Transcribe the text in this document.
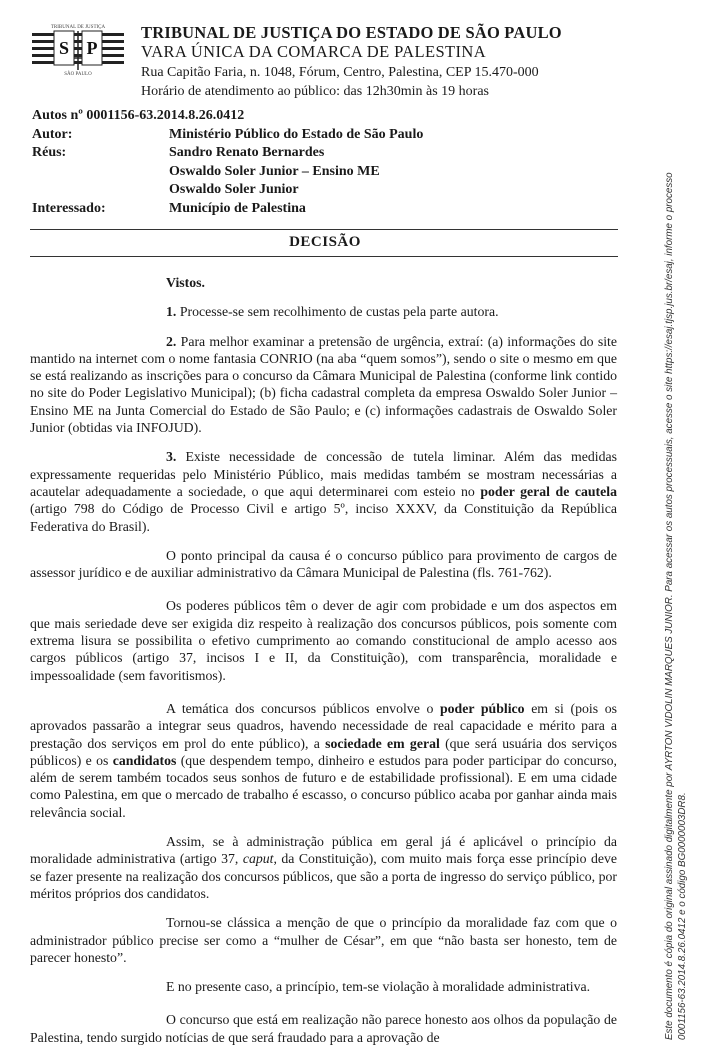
TRIBUNAL DE JUSTIÇA
S P
SÃO PAULO
TRIBUNAL DE JUSTIÇA DO ESTADO DE SÃO PAULO
VARA ÚNICA DA COMARCA DE PALESTINA
Rua Capitão Faria, n. 1048, Fórum, Centro, Palestina, CEP 15.470-000
Horário de atendimento ao público: das 12h30min às 19 horas
Autos nº 0001156-63.2014.8.26.0412
Autor:	Ministério Público do Estado de São Paulo
Réus:	Sandro Renato Bernardes
Oswaldo Soler Junior – Ensino ME
Oswaldo Soler Junior
Interessado:	Município de Palestina
DECISÃO

Vistos.

1. Processe-se sem recolhimento de custas pela parte autora.

2. Para melhor examinar a pretensão de urgência, extraí: (a) informações do site mantido na internet com o nome fantasia CONRIO (na aba “quem somos”), sendo o site o mesmo em que se está realizando as inscrições para o concurso da Câmara Municipal de Palestina (conforme link contido no site do Poder Legislativo Municipal); (b) ficha cadastral completa da empresa Oswaldo Soler Junior – Ensino ME na Junta Comercial do Estado de São Paulo; e (c) informações cadastrais de Oswaldo Soler Junior (obtidas via INFOJUD).

3. Existe necessidade de concessão de tutela liminar. Além das medidas expressamente requeridas pelo Ministério Público, mais medidas também se mostram necessárias a acautelar adequadamente a sociedade, o que aqui determinarei com esteio no poder geral de cautela (artigo 798 do Código de Processo Civil e artigo 5º, inciso XXXV, da Constituição da República Federativa do Brasil).

O ponto principal da causa é o concurso público para provimento de cargos de assessor jurídico e de auxiliar administrativo da Câmara Municipal de Palestina (fls. 761-762).

Os poderes públicos têm o dever de agir com probidade e um dos aspectos em que mais seriedade deve ser exigida diz respeito à realização dos concursos públicos, pois somente com extrema lisura se possibilita o efetivo cumprimento ao comando constitucional de amplo acesso aos cargos públicos (artigo 37, incisos I e II, da Constituição), com transparência, moralidade e impessoalidade (sem favoritismos).

A temática dos concursos públicos envolve o poder público em si (pois os aprovados passarão a integrar seus quadros, havendo necessidade de real capacidade e mérito para a prestação dos serviços em prol do ente público), a sociedade em geral (que será usuária dos serviços públicos) e os candidatos (que despendem tempo, dinheiro e estudos para poder participar do concurso, além de serem também tocados seus sonhos de futuro e de estabilidade profissional). E em uma cidade como Palestina, em que o mercado de trabalho é escasso, o concurso público acaba por ganhar ainda mais relevância social.

Assim, se à administração pública em geral já é aplicável o princípio da moralidade administrativa (artigo 37, caput, da Constituição), com muito mais força esse princípio deve se fazer presente na realização dos concursos públicos, que são a porta de ingresso do serviço público, por méritos próprios dos candidatos.

Tornou-se clássica a menção de que o princípio da moralidade faz com que o administrador público precise ser como a “mulher de César”, em que “não basta ser honesto, tem de parecer honesto”.

E no presente caso, a princípio, tem-se violação à moralidade administrativa.

O concurso que está em realização não parece honesto aos olhos da população de Palestina, tendo surgido notícias de que será fraudado para a aprovação de	Este documento é cópia do original assinado digitalmente por AYRTON VIDOLIN MARQUES JUNIOR. Para acessar os autos processuais, acesse o site https://esaj.tjsp.jus.br/esaj, informe o processo 0001156-63.2014.8.26.0412 e o código BG0000003DR8.
